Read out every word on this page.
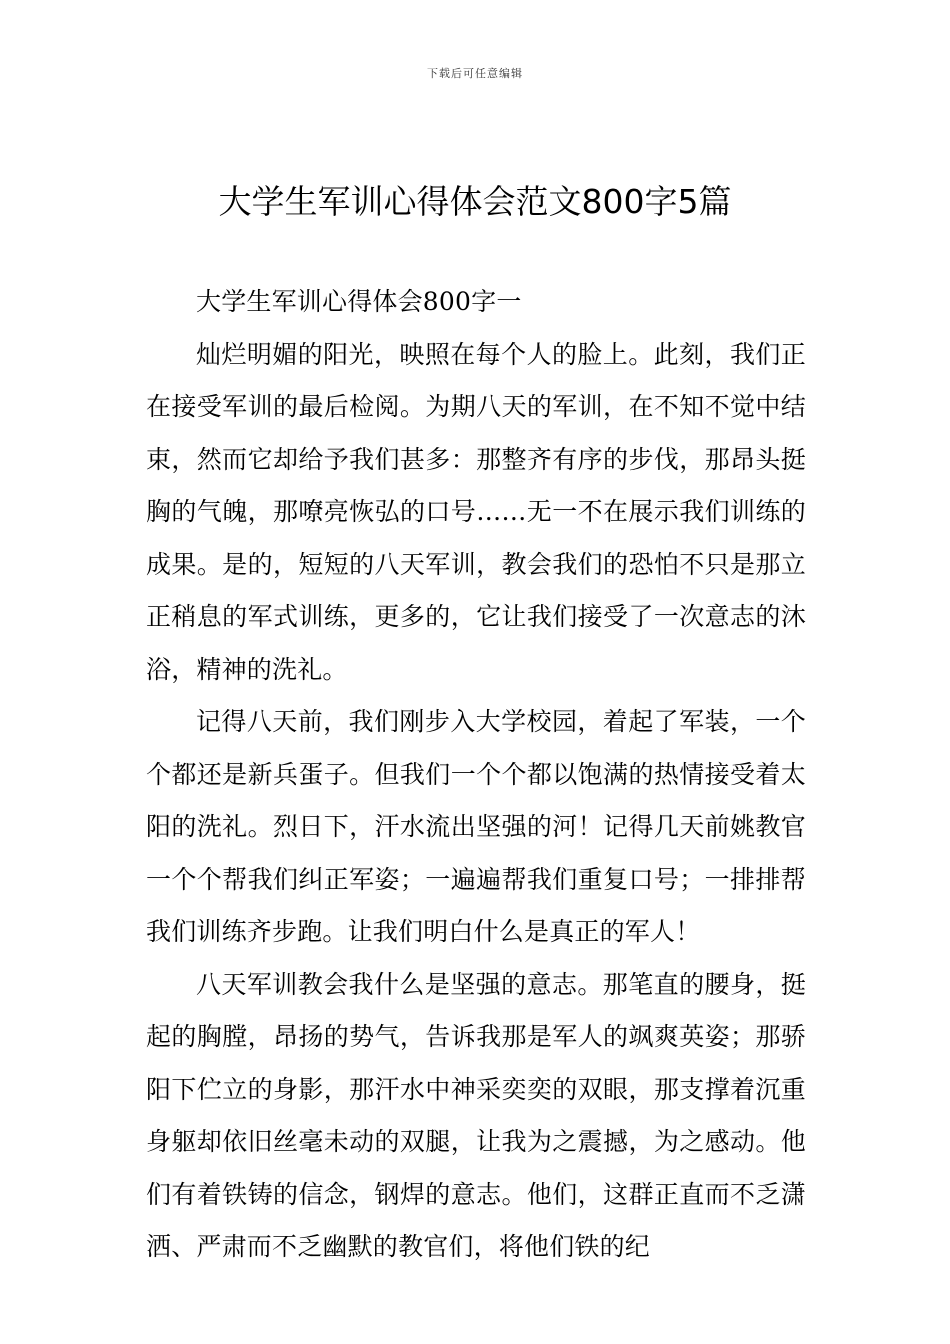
下载后可任意编辑
大学生军训心得体会范文800字5篇

大学生军训心得体会800字一

灿烂明媚的阳光，映照在每个人的脸上。此刻，我们正在接受军训的最后检阅。为期八天的军训，在不知不觉中结束，然而它却给予我们甚多：那整齐有序的步伐，那昂头挺胸的气魄，那嘹亮恢弘的口号……无一不在展示我们训练的成果。是的，短短的八天军训，教会我们的恐怕不只是那立正稍息的军式训练，更多的，它让我们接受了一次意志的沐浴，精神的洗礼。

记得八天前，我们刚步入大学校园，着起了军装，一个个都还是新兵蛋子。但我们一个个都以饱满的热情接受着太阳的洗礼。烈日下，汗水流出坚强的河！记得几天前姚教官一个个帮我们纠正军姿；一遍遍帮我们重复口号；一排排帮我们训练齐步跑。让我们明白什么是真正的军人！

八天军训教会我什么是坚强的意志。那笔直的腰身，挺起的胸膛，昂扬的势气，告诉我那是军人的飒爽英姿；那骄阳下伫立的身影，那汗水中神采奕奕的双眼，那支撑着沉重身躯却依旧丝毫未动的双腿，让我为之震撼，为之感动。他们有着铁铸的信念，钢焊的意志。他们，这群正直而不乏潇洒、严肃而不乏幽默的教官们，将他们铁的纪
